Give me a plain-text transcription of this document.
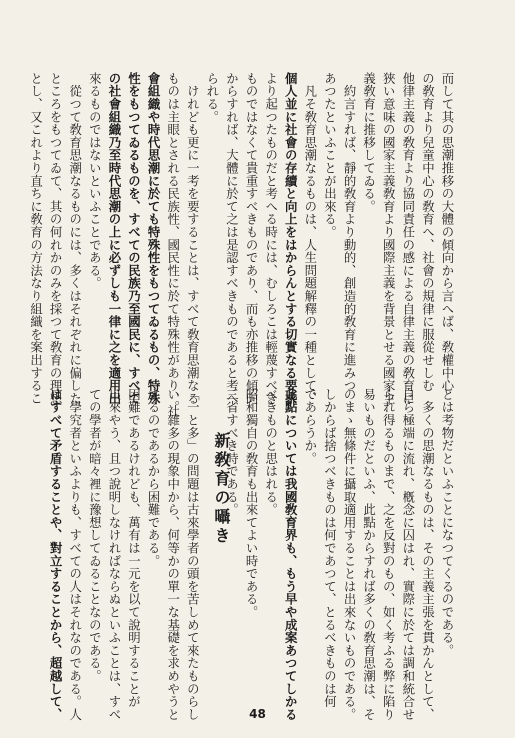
而して其の思潮推移の大體の傾向から言へば、敎權中心
の敎育より兒童中心の敎育へ、社會の規律に服從せしむ
他律主義の敎育より協同責任の感による自律主義の敎育に
狹い意味の國家主義敎育より國際主義を背景とせる國家主
義敎育に推移してゐる。
　約言すれば、靜的敎育より動的、創造的敎育に進みつ
あつたといふことが出來る。
　凡そ敎育思潮なるものは、人生問題解釋の一種として、
個人並に社會の存續と向上をはからんとする切實なる要求
より起つたものだと考へる時には、むしろこは輕蔑すべき
ものではなくて貴重すべきものであり、而も亦推移の傾向
からすれば、大體に於て之は是認すべきものであると考へ
られる。
　けれども更に一考を要することは、すべて敎育思潮なる
ものは主眼とされる民族性、國民性に於て特殊性があり、社
會組織や時代思潮に於ても特殊性をもつてゐるもの、特殊
性をもつてゐるものを、すべての民族乃至國民に、すべて
の社會組織乃至時代思潮の上に必ずしも一律に之を適用出
來るものではないといふことである。
　從つて敎育思潮なるものには、多くはそれぞれに偏した
ところをもつてゐて、其の何れかのみを採つて敎育の理想
とし、又これより直ちに敎育の方法なり組織を案出するこ
とは考物だといふことになつてくるのである。
　多くの思潮なるものは、その主義主張を貫かんとして、
自ら極端に流れ、槪念に囚はれ、實際に於ては調和統合せ
られ得るものまで、之を反對のもの、如く考ふる弊に陷り
易いものだといふ、此點からすれば多くの敎育思潮は、そ
のまゝ無條件に攝取適用することは出來ないものである。
しからば捨つべきものは何であつて、とるべきものは何
であらうか。
此點については我國敎育界も、もう早や成案あつてしかる
べきものと思はれる。
昭和獨自の敎育も出來てよい時である。
三省すべき時である。
「一と多」の問題は古來學者の頭を苦しめて來たものらし
い。雜多の現象中から、何等かの單一な基礎を求めやうと
するのであるから困難である。
困難であるけれども、萬有は一元を以て說明することが
出來やう、且つ說明しなければならぬといふことは、すべ
ての學者が暗々裡に豫想してゐることなのである。
　學究者といふよりも、すべての人はそれなのである。人
はすべて矛盾することや、對立することから、超越して、	新敎育の囁き
48
